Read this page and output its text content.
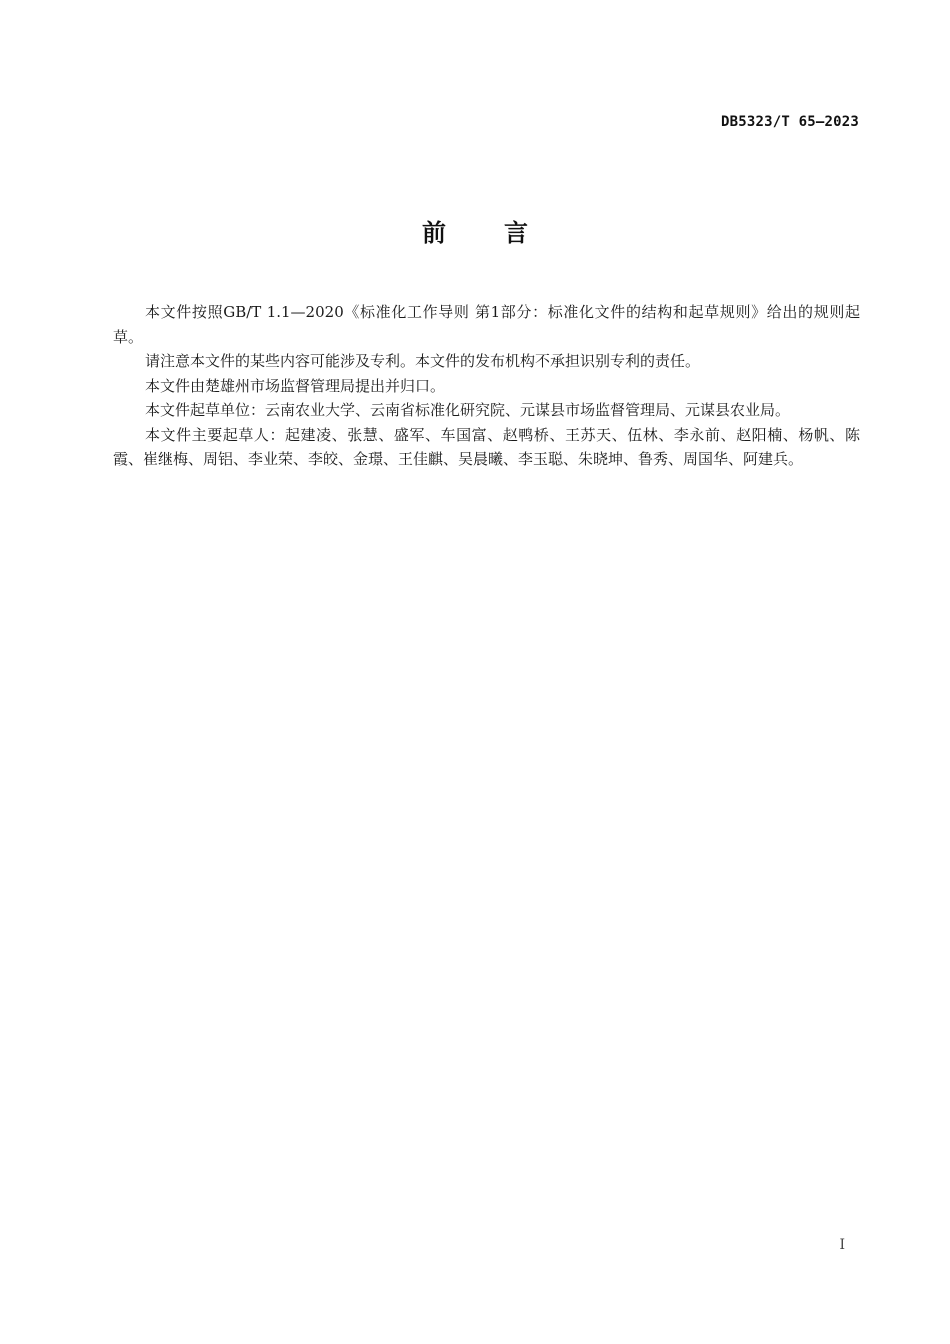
DB5323/T 65—2023
前言

本文件按照GB/T 1.1—2020《标准化工作导则 第1部分：标准化文件的结构和起草规则》给出的规则起草。

请注意本文件的某些内容可能涉及专利。本文件的发布机构不承担识别专利的责任。

本文件由楚雄州市场监督管理局提出并归口。

本文件起草单位：云南农业大学、云南省标准化研究院、元谋县市场监督管理局、元谋县农业局。

本文件主要起草人：起建凌、张慧、盛军、车国富、赵鸭桥、王苏天、伍林、李永前、赵阳楠、杨帆、陈霞、崔继梅、周铝、李业荣、李皎、金璟、王佳麒、吴晨曦、李玉聪、朱晓坤、鲁秀、周国华、阿建兵。

I
